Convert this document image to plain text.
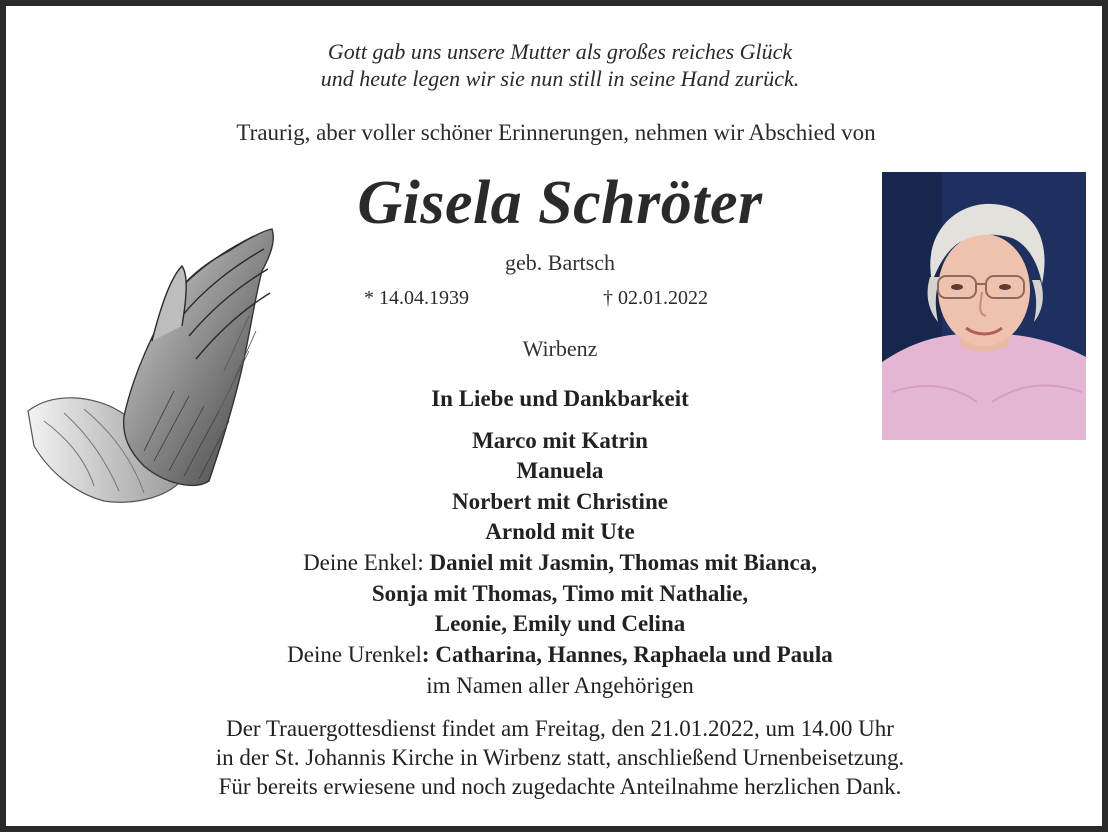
Gott gab uns unsere Mutter als großes reiches Glück
und heute legen wir sie nun still in seine Hand zurück.
Traurig, aber voller schöner Erinnerungen, nehmen wir Abschied von
Gisela Schröter
geb. Bartsch
* 14.04.1939	† 02.01.2022
Wirbenz
In Liebe und Dankbarkeit
Marco mit Katrin
Manuela
Norbert mit Christine
Arnold mit Ute
Deine Enkel: Daniel mit Jasmin, Thomas mit Bianca,
Sonja mit Thomas, Timo mit Nathalie,
Leonie, Emily und Celina
Deine Urenkel: Catharina, Hannes, Raphaela und Paula
im Namen aller Angehörigen
Der Trauergottesdienst findet am Freitag, den 21.01.2022, um 14.00 Uhr
in der St. Johannis Kirche in Wirbenz statt, anschließend Urnenbeisetzung.
Für bereits erwiesene und noch zugedachte Anteilnahme herzlichen Dank.
